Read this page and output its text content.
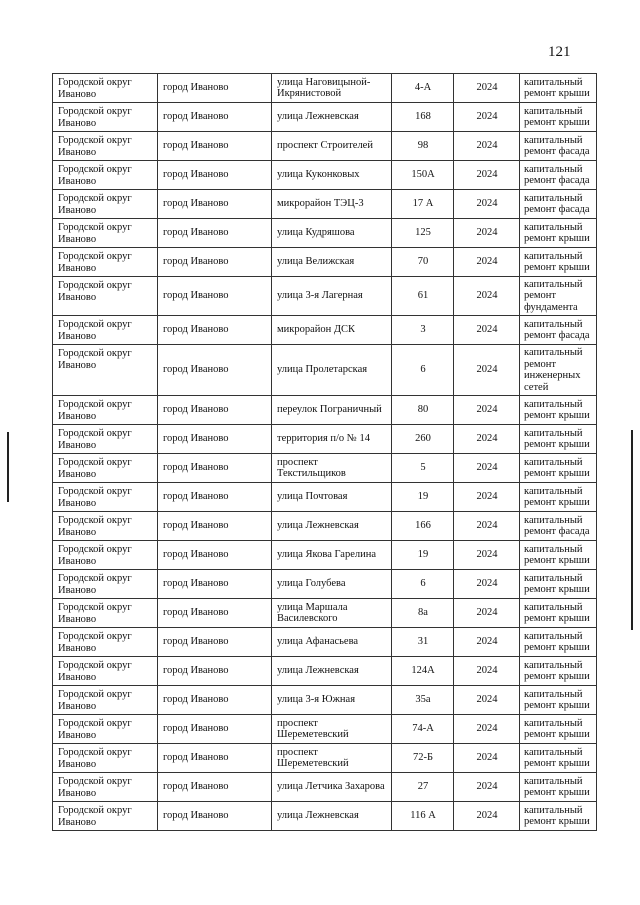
121
Городской округ Иваново	город Иваново	улица Наговицыной-Икрянистовой	4-А	2024	капитальный ремонт крыши
Городской округ Иваново	город Иваново	улица Лежневская	168	2024	капитальный ремонт крыши
Городской округ Иваново	город Иваново	проспект Строителей	98	2024	капитальный ремонт фасада
Городской округ Иваново	город Иваново	улица Куконковых	150А	2024	капитальный ремонт фасада
Городской округ Иваново	город Иваново	микрорайон ТЭЦ-3	17 А	2024	капитальный ремонт фасада
Городской округ Иваново	город Иваново	улица Кудряшова	125	2024	капитальный ремонт крыши
Городской округ Иваново	город Иваново	улица Велижская	70	2024	капитальный ремонт крыши
Городской округ Иваново	город Иваново	улица 3-я Лагерная	61	2024	капитальный ремонт фундамента
Городской округ Иваново	город Иваново	микрорайон ДСК	3	2024	капитальный ремонт фасада
Городской округ Иваново	город Иваново	улица Пролетарская	6	2024	капитальный ремонт инженерных сетей
Городской округ Иваново	город Иваново	переулок Пограничный	80	2024	капитальный ремонт крыши
Городской округ Иваново	город Иваново	территория п/о № 14	260	2024	капитальный ремонт крыши
Городской округ Иваново	город Иваново	проспект Текстильщиков	5	2024	капитальный ремонт крыши
Городской округ Иваново	город Иваново	улица Почтовая	19	2024	капитальный ремонт крыши
Городской округ Иваново	город Иваново	улица Лежневская	166	2024	капитальный ремонт фасада
Городской округ Иваново	город Иваново	улица Якова Гарелина	19	2024	капитальный ремонт крыши
Городской округ Иваново	город Иваново	улица Голубева	6	2024	капитальный ремонт крыши
Городской округ Иваново	город Иваново	улица Маршала Василевского	8а	2024	капитальный ремонт крыши
Городской округ Иваново	город Иваново	улица Афанасьева	31	2024	капитальный ремонт крыши
Городской округ Иваново	город Иваново	улица Лежневская	124А	2024	капитальный ремонт крыши
Городской округ Иваново	город Иваново	улица 3-я Южная	35а	2024	капитальный ремонт крыши
Городской округ Иваново	город Иваново	проспект Шереметевский	74-А	2024	капитальный ремонт крыши
Городской округ Иваново	город Иваново	проспект Шереметевский	72-Б	2024	капитальный ремонт крыши
Городской округ Иваново	город Иваново	улица Летчика Захарова	27	2024	капитальный ремонт крыши
Городской округ Иваново	город Иваново	улица Лежневская	116 А	2024	капитальный ремонт крыши
